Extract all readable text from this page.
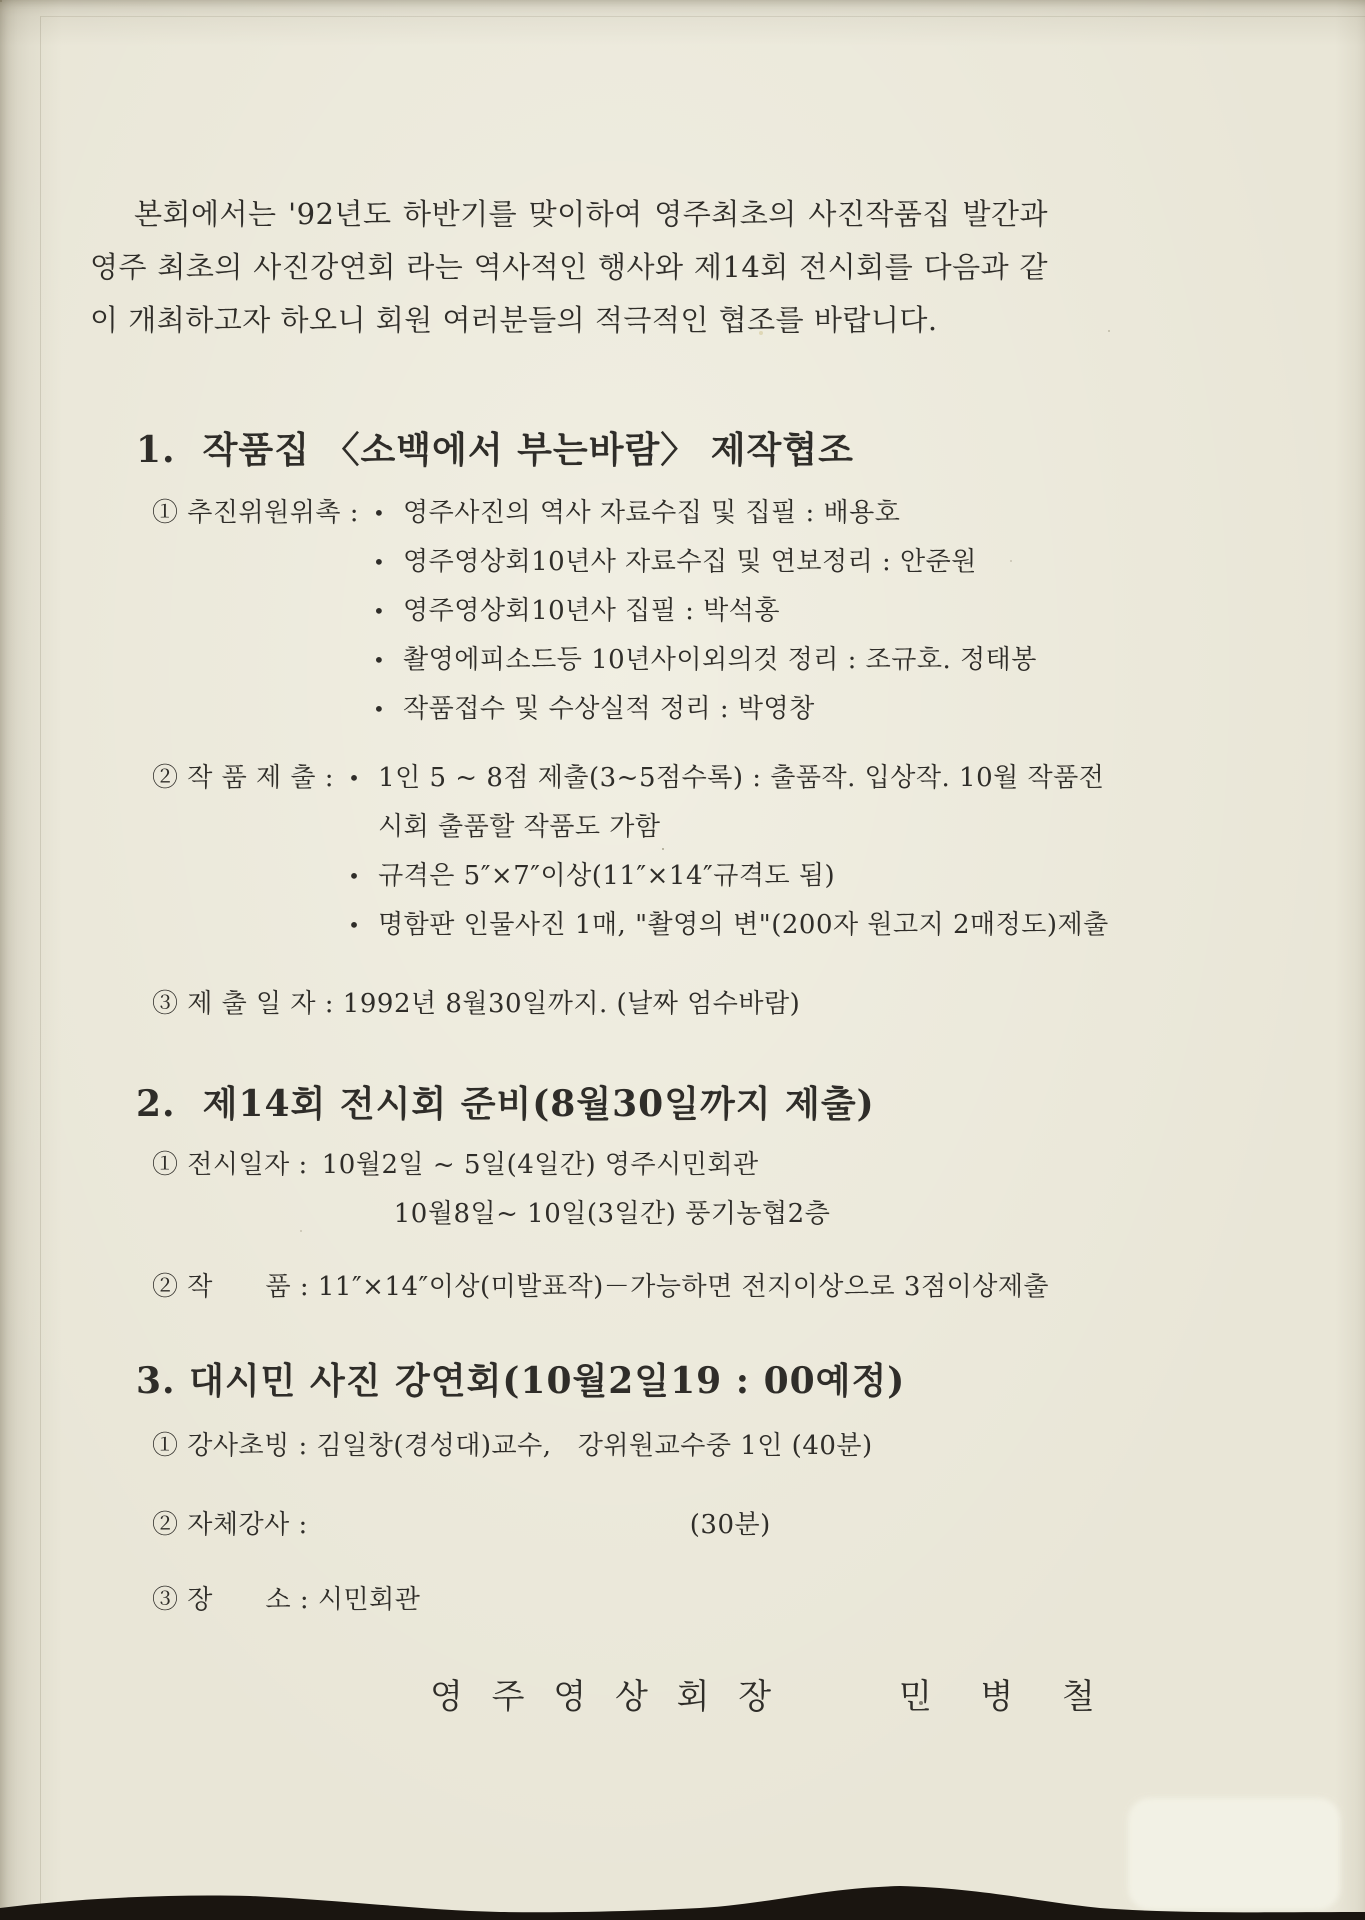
본회에서는 '92년도 하반기를 맞이하여 영주최초의 사진작품집 발간과 영주 최초의 사진강연회 라는 역사적인 행사와 제14회 전시회를 다음과 같이 개최하고자 하오니 회원 여러분들의 적극적인 협조를 바랍니다.

1.  작품집 〈소백에서 부는바람〉 제작협조
① 추진위원위촉 : • 영주사진의 역사 자료수집 및 집필 : 배용호
• 영주영상회10년사 자료수집 및 연보정리 : 안준원
• 영주영상회10년사 집필 : 박석홍
• 촬영에피소드등 10년사이외의것 정리 : 조규호. 정태봉
• 작품접수 및 수상실적 정리 : 박영창
② 작 품 제 출 : • 1인 5 ~ 8점 제출(3~5점수록) : 출품작. 입상작. 10월 작품전시회 출품할 작품도 가함
• 규격은 5″×7″이상(11″×14″규격도 됨)
• 명함판 인물사진 1매, "촬영의 변"(200자 원고지 2매정도)제출
③ 제 출 일 자 : 1992년 8월30일까지. (날짜 엄수바람)
2.  제14회 전시회 준비(8월30일까지 제출)
① 전시일자 : 10월2일 ~ 5일(4일간) 영주시민회관
10월8일~ 10일(3일간) 풍기농협2층
② 작      품 : 11″×14″이상(미발표작)－가능하면 전지이상으로 3점이상제출
3. 대시민 사진 강연회(10월2일19 : 00예정)
① 강사초빙 : 김일창(경성대)교수,   강위원교수중 1인 (40분)
② 자체강사 :	(30분)
③ 장      소 : 시민회관
영 주 영 상 회 장      민  병  철
